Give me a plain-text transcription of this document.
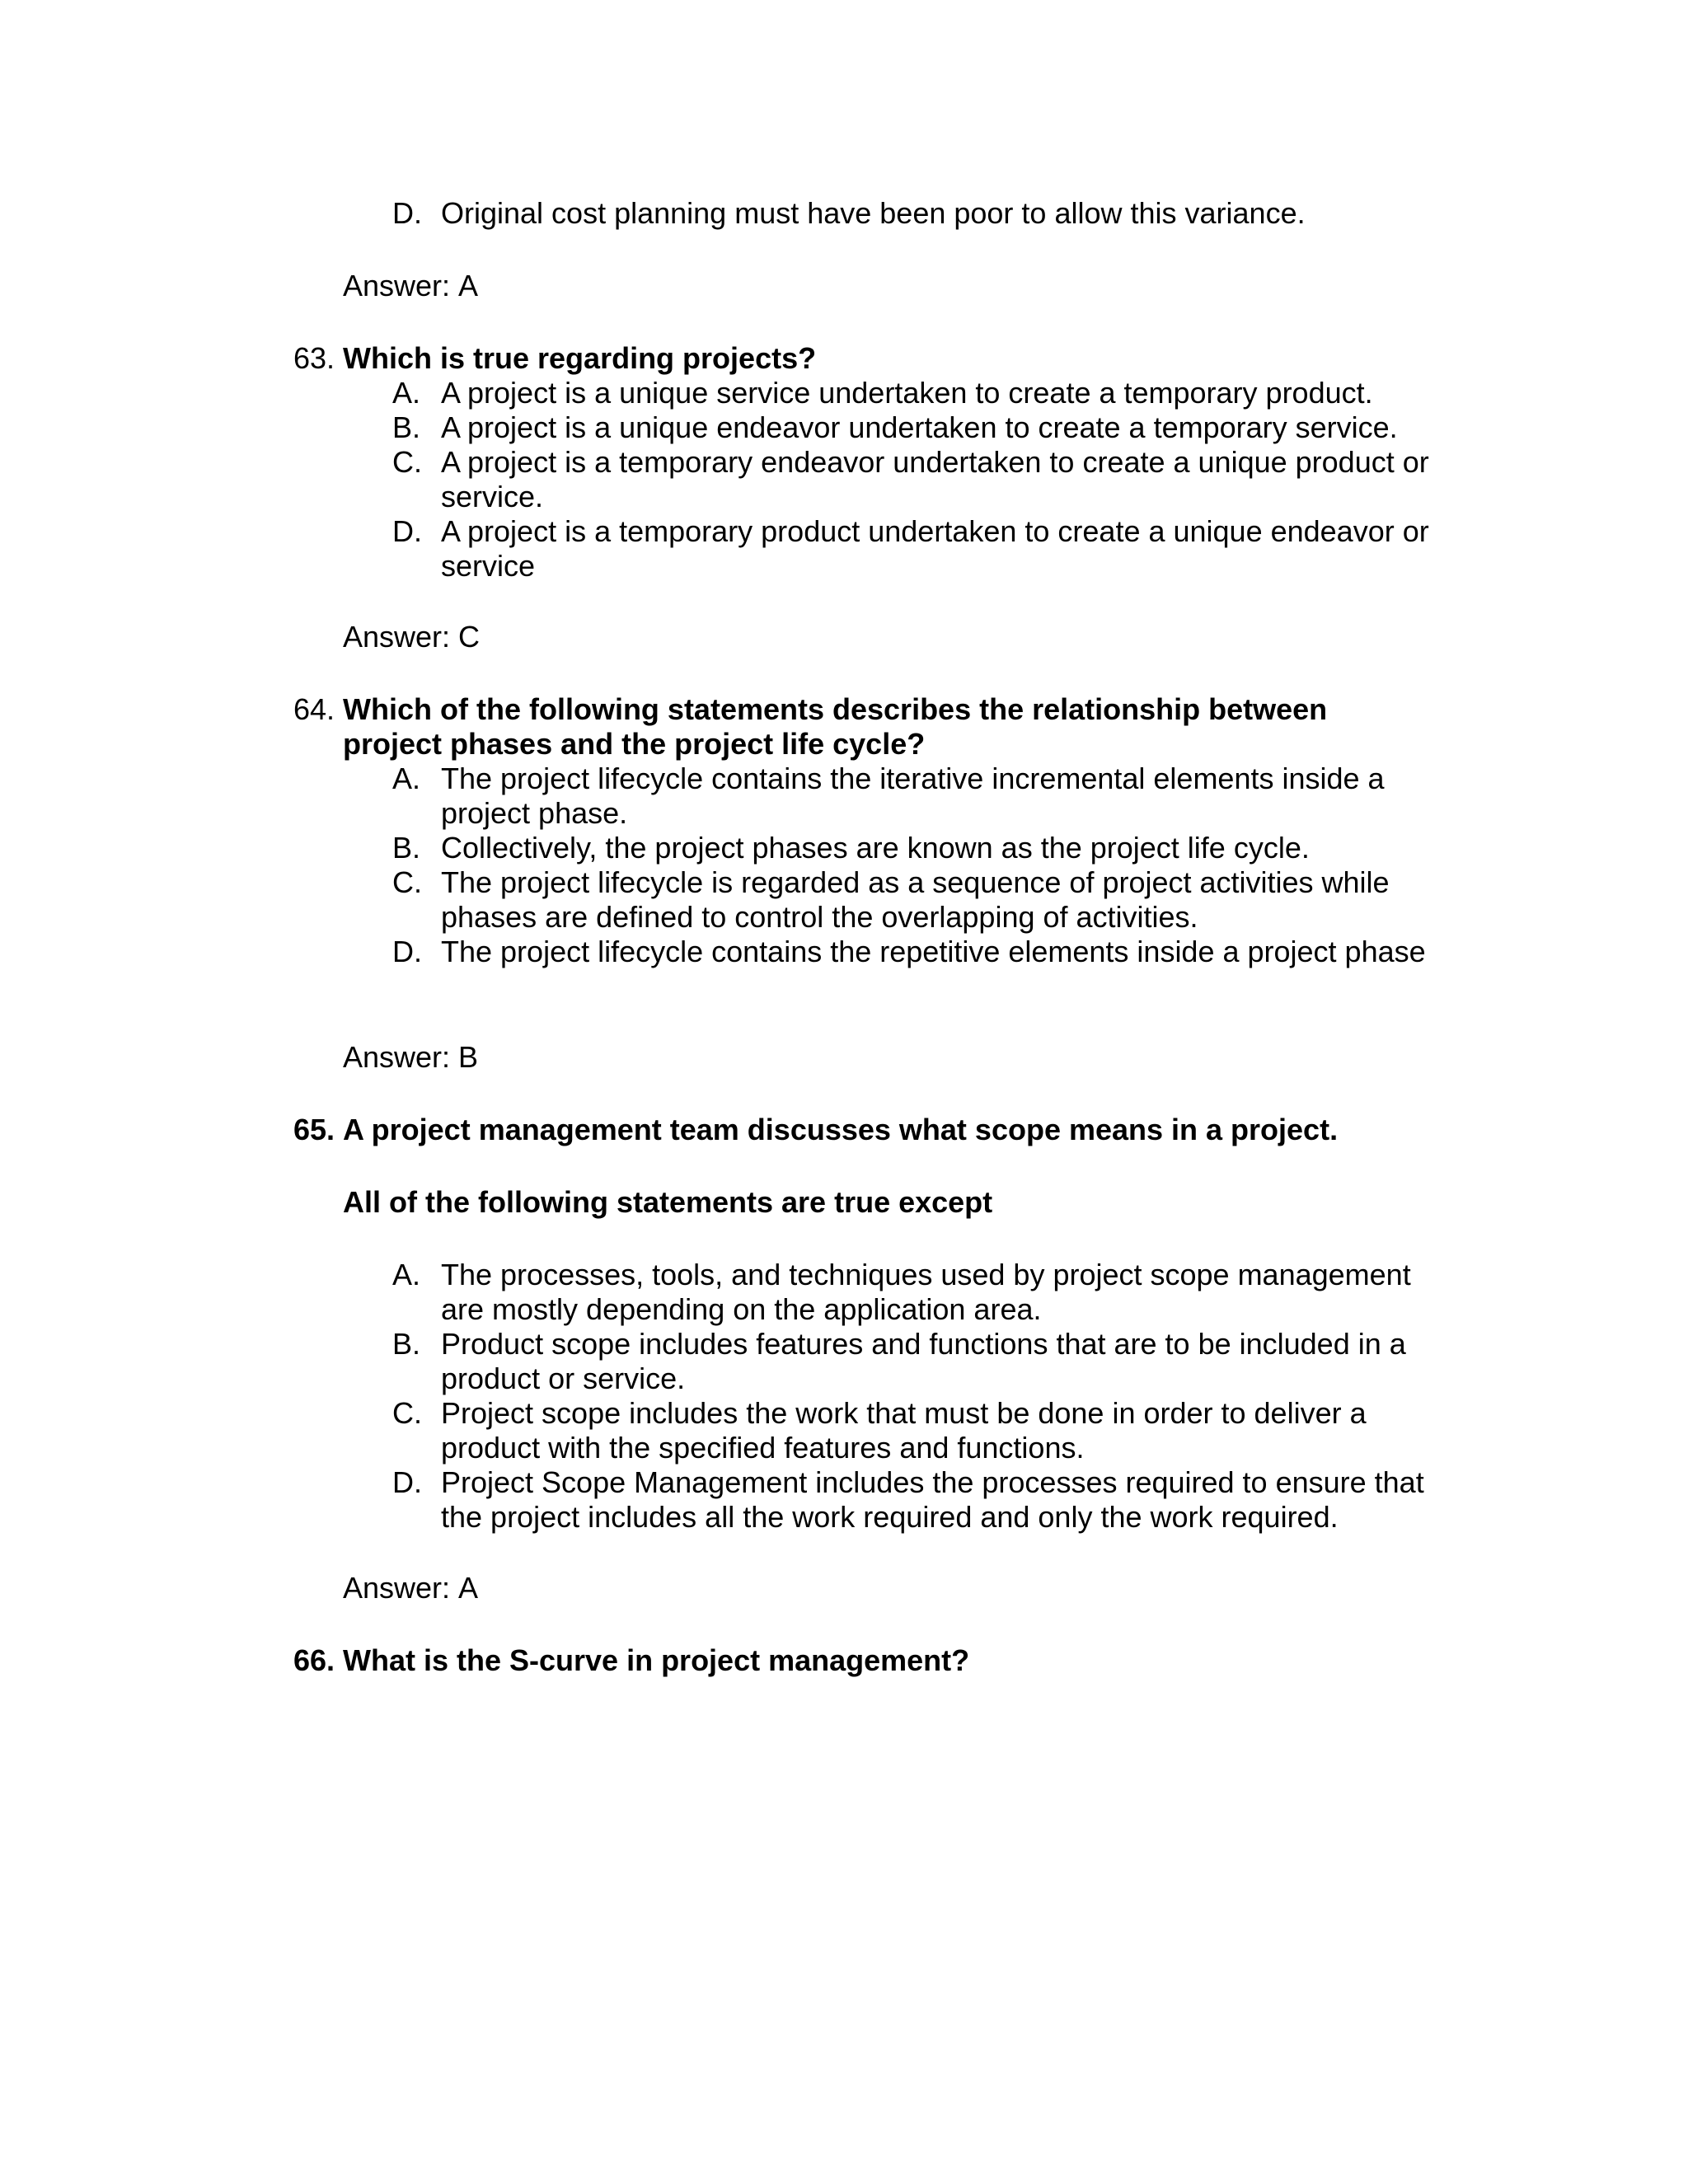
D. Original cost planning must have been poor to allow this variance.
Answer: A
63. Which is true regarding projects?
A. A project is a unique service undertaken to create a temporary product.
B. A project is a unique endeavor undertaken to create a temporary service.
C. A project is a temporary endeavor undertaken to create a unique product or service.
D. A project is a temporary product undertaken to create a unique endeavor or service
Answer: C
64. Which of the following statements describes the relationship between project phases and the project life cycle?
A. The project lifecycle contains the iterative incremental elements inside a project phase.
B. Collectively, the project phases are known as the project life cycle.
C. The project lifecycle is regarded as a sequence of project activities while phases are defined to control the overlapping of activities.
D. The project lifecycle contains the repetitive elements inside a project phase
Answer: B
65. A project management team discusses what scope means in a project.
All of the following statements are true except
A. The processes, tools, and techniques used by project scope management are mostly depending on the application area.
B. Product scope includes features and functions that are to be included in a product or service.
C. Project scope includes the work that must be done in order to deliver a product with the specified features and functions.
D. Project Scope Management includes the processes required to ensure that the project includes all the work required and only the work required.
Answer: A
66. What is the S-curve in project management?
